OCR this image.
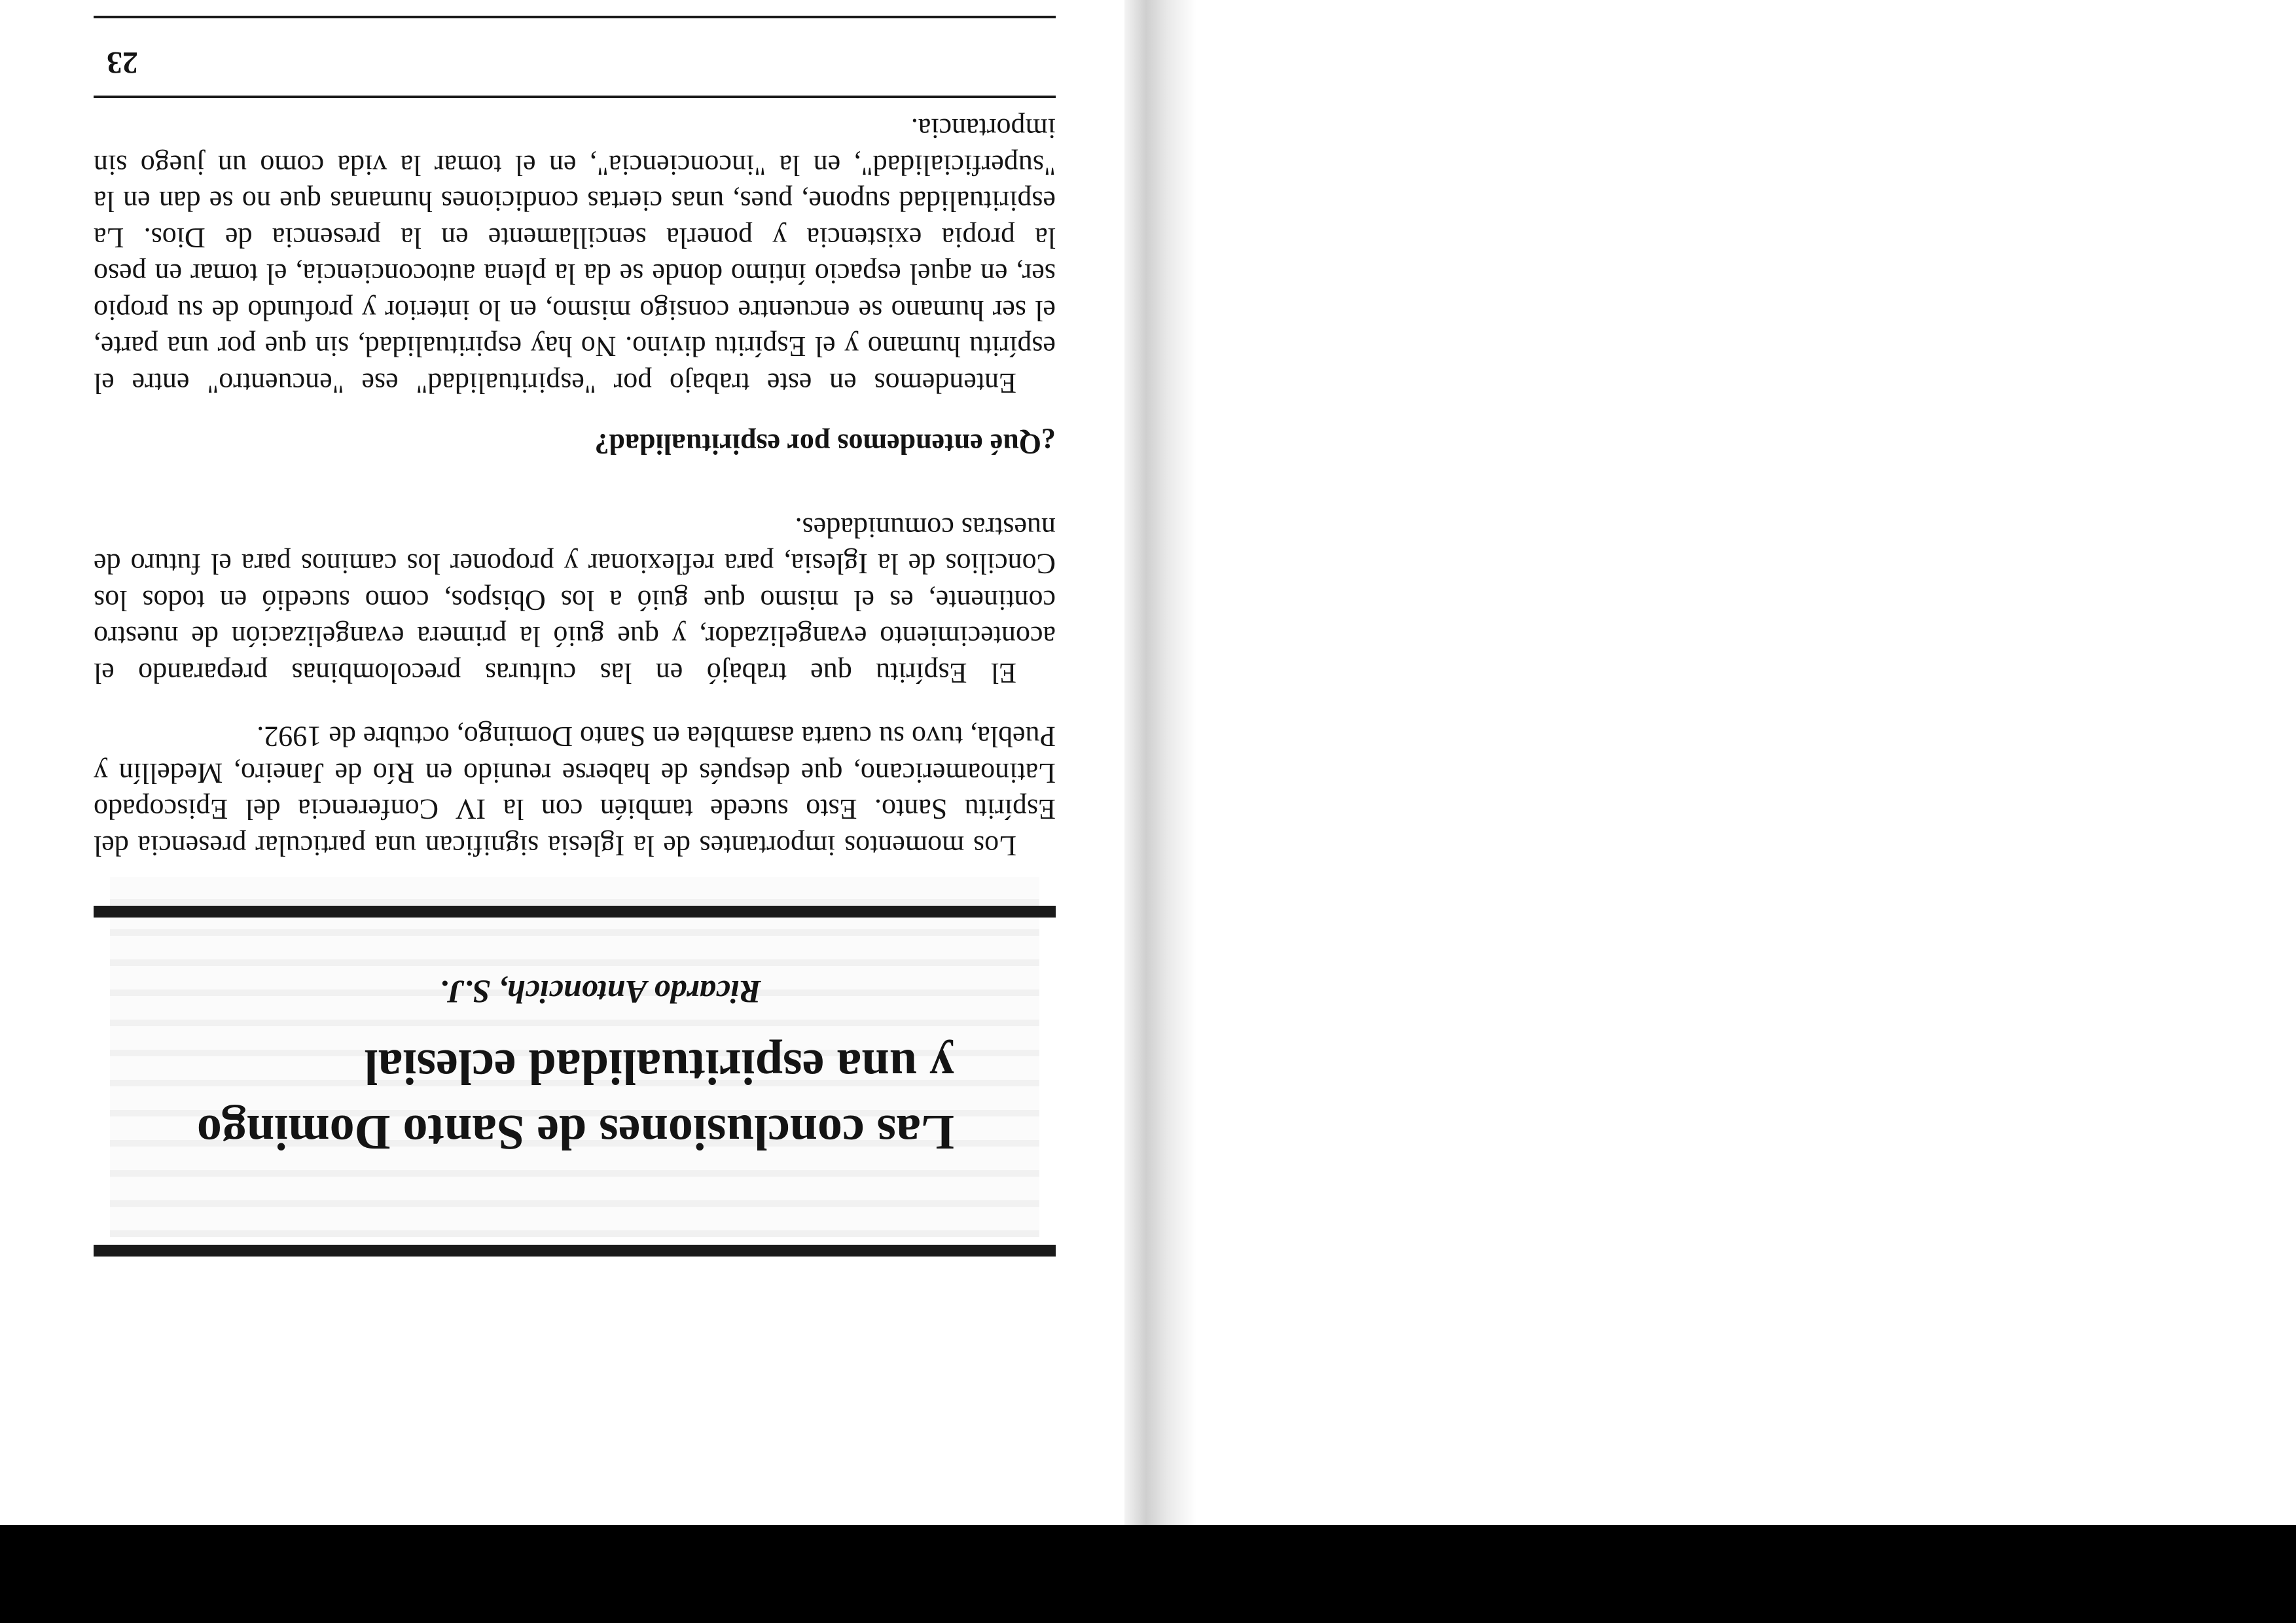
Las conclusiones de Santo Domingo
y una espiritualidad eclesial
Ricardo Antoncich, S.J.

Los momentos importantes de la Iglesia significan una particular presencia del Espíritu Santo. Esto sucede también con la IV Conferencia del Episcopado Latinoamericano, que después de haberse reunido en Río de Janeiro, Medellín y Puebla, tuvo su cuarta asamblea en Santo Domingo, octubre de 1992.

El Espíritu que trabajó en las culturas precolombinas preparando el acontecimiento evangelizador, y que guió la primera evangelización de nuestro continente, es el mismo que guió a los Obispos, como sucedió en todos los Concilios de la Iglesia, para reflexionar y proponer los caminos para el futuro de nuestras comunidades.

¿Qué entendemos por espiritualidad?

Entendemos en este trabajo por "espiritualidad" ese "encuentro" entre el espíritu humano y el Espíritu divino. No hay espiritualidad, sin que por una parte, el ser humano se encuentre consigo mismo, en lo interior y profundo de su propio ser, en aquel espacio íntimo donde se da la plena autoconciencia, el tomar en peso la propia existencia y ponerla sencillamente en la presencia de Dios. La espiritualidad supone, pues, unas ciertas condiciones humanas que no se dan en la "superficialidad", en la "inconciencia", en el tomar la vida como un juego sin importancia.

23
